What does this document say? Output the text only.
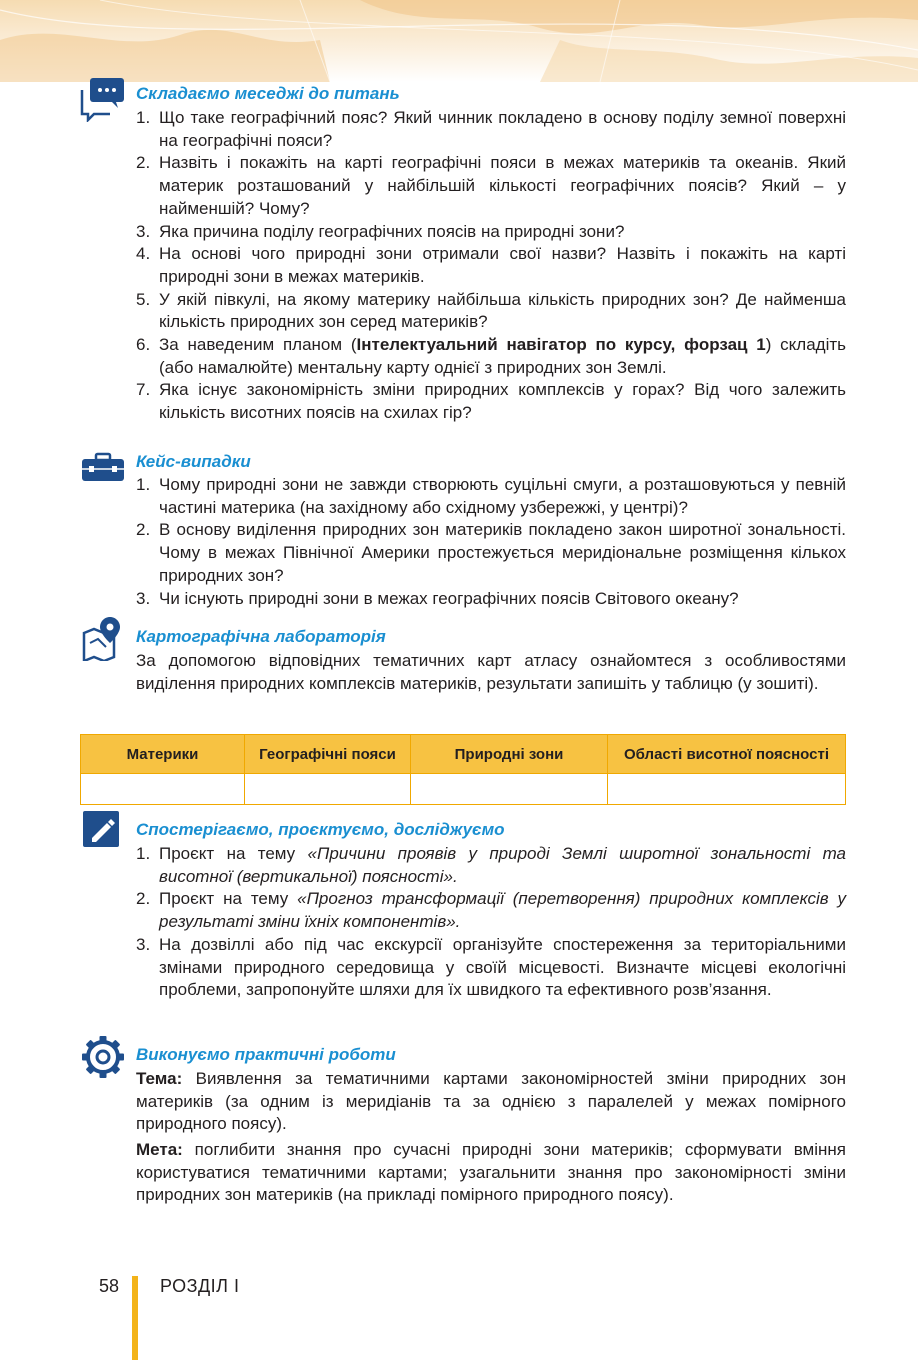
Складаємо меседжі до питань
1. Що таке географічний пояс? Який чинник покладено в основу поділу земної поверхні на географічні пояси?
2. Назвіть і покажіть на карті географічні пояси в межах материків та океанів. Який материк розташований у найбільшій кількості географічних поясів? Який – у найменшій? Чому?
3. Яка причина поділу географічних поясів на природні зони?
4. На основі чого природні зони отримали свої назви? Назвіть і покажіть на карті природні зони в межах материків.
5. У якій півкулі, на якому материку найбільша кількість природних зон? Де найменша кількість природних зон серед материків?
6. За наведеним планом (Інтелектуальний навігатор по курсу, форзац 1) складіть (або намалюйте) ментальну карту однієї з природних зон Землі.
7. Яка існує закономірність зміни природних комплексів у горах? Від чого залежить кількість висотних поясів на схилах гір?
Кейс-випадки
1. Чому природні зони не завжди створюють суцільні смуги, а розташовуються у певній частині материка (на західному або східному узбережжі, у центрі)?
2. В основу виділення природних зон материків покладено закон широтної зональності. Чому в межах Північної Америки простежується меридіональне розміщення кількох природних зон?
3. Чи існують природні зони в межах географічних поясів Світового океану?
Картографічна лабораторія

За допомогою відповідних тематичних карт атласу ознайомтеся з особливостями виділення природних комплексів материків, результати запишіть у таблицю (у зошиті).

Материки	Географічні пояси	Природні зони	Області висотної поясності

Спостерігаємо, проєктуємо, досліджуємо
1. Проєкт на тему «Причини проявів у природі Землі широтної зональності та висотної (вертикальної) поясності».
2. Проєкт на тему «Прогноз трансформації (перетворення) природних комплексів у результаті зміни їхніх компонентів».
3. На дозвіллі або під час екскурсії організуйте спостереження за територіальними змінами природного середовища у своїй місцевості. Визначте місцеві екологічні проблеми, запропонуйте шляхи для їх швидкого та ефективного розв’язання.
Виконуємо практичні роботи

Тема: Виявлення за тематичними картами закономірностей зміни природних зон материків (за одним із меридіанів та за однією з паралелей у межах помірного природного поясу).

Мета: поглибити знання про сучасні природні зони материків; сформувати вміння користуватися тематичними картами; узагальнити знання про закономірності зміни природних зон материків (на прикладі помірного природного поясу).

58 РОЗДІЛ І
